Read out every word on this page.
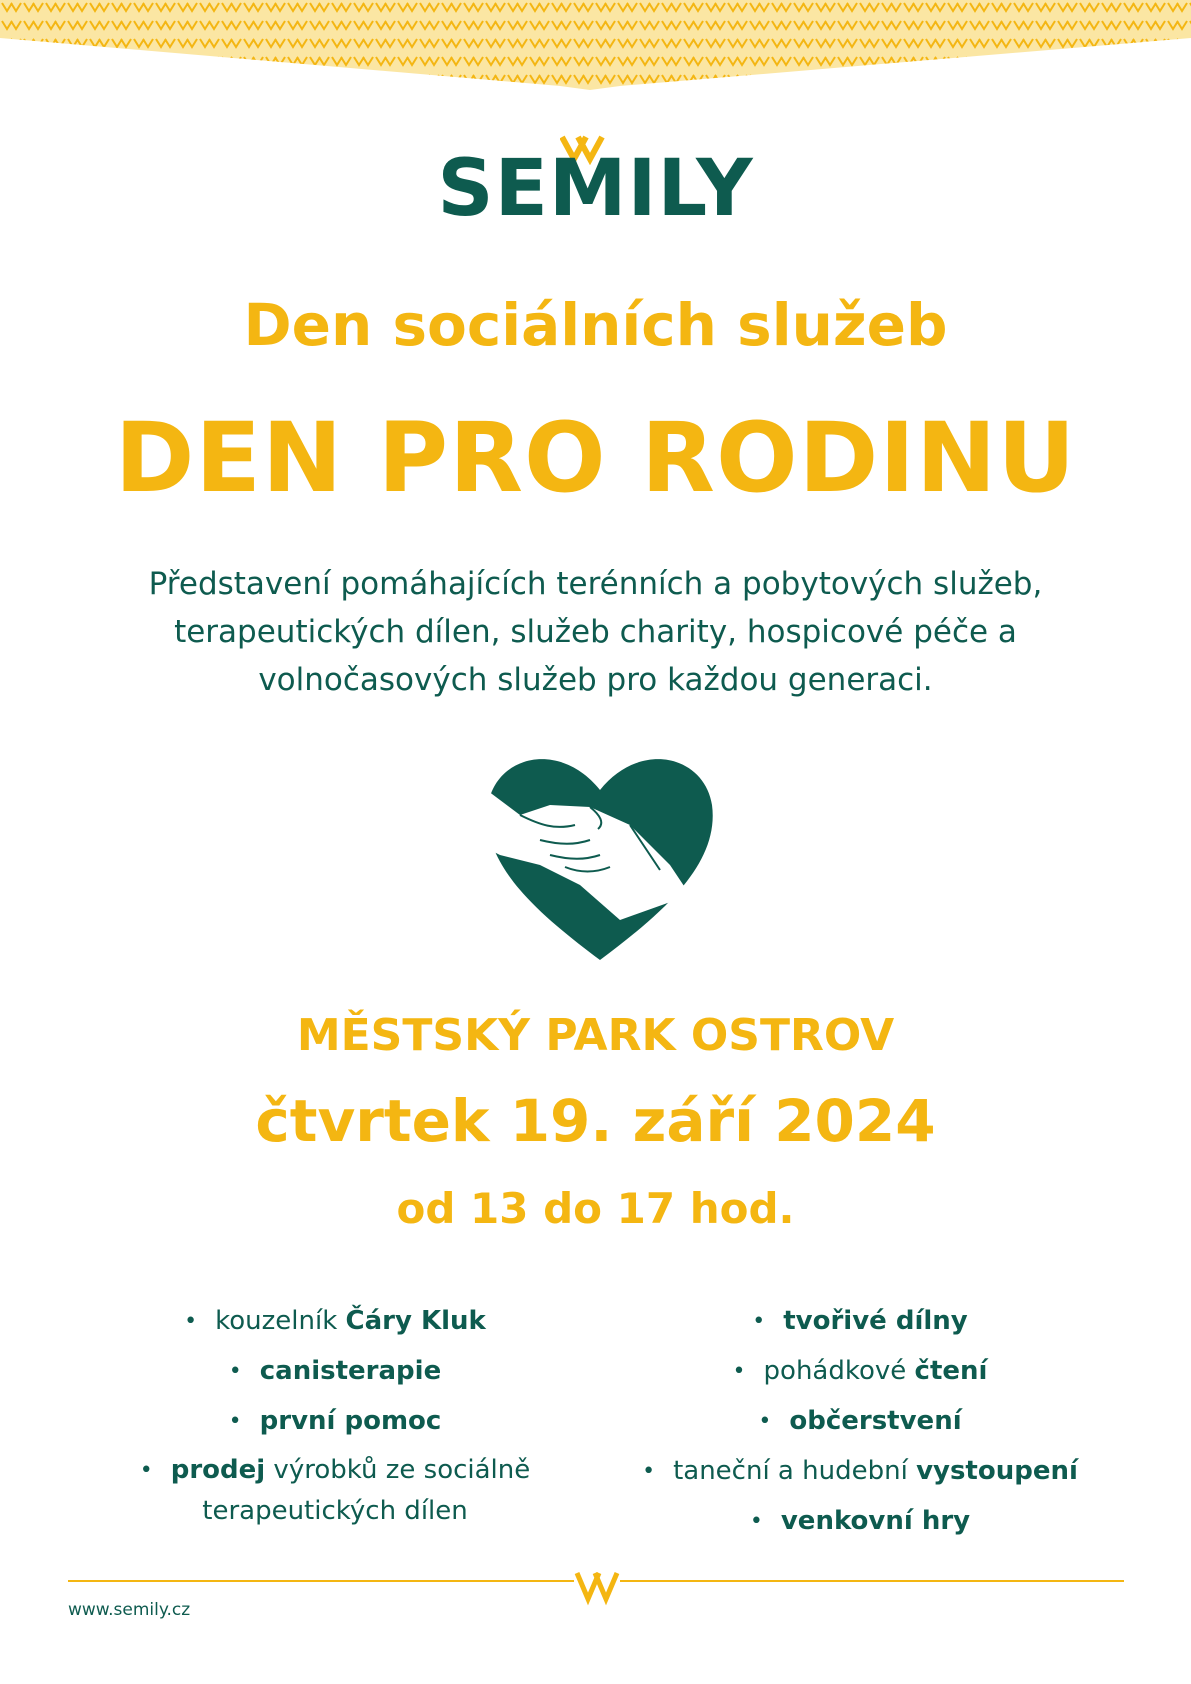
SEMILY
Den sociálních služeb
DEN PRO RODINU
Představení pomáhajících terénních a pobytových služeb, terapeutických dílen, služeb charity, hospicové péče a volnočasových služeb pro každou generaci.
MĚSTSKÝ PARK OSTROV
čtvrtek 19. září 2024
od 13 do 17 hod.
• kouzelník Čáry Kluk
• canisterapie
• první pomoc
• prodej výrobků ze sociálně
terapeutických dílen
• tvořivé dílny
• pohádkové čtení
• občerstvení
• taneční a hudební vystoupení
• venkovní hry
www.semily.cz
